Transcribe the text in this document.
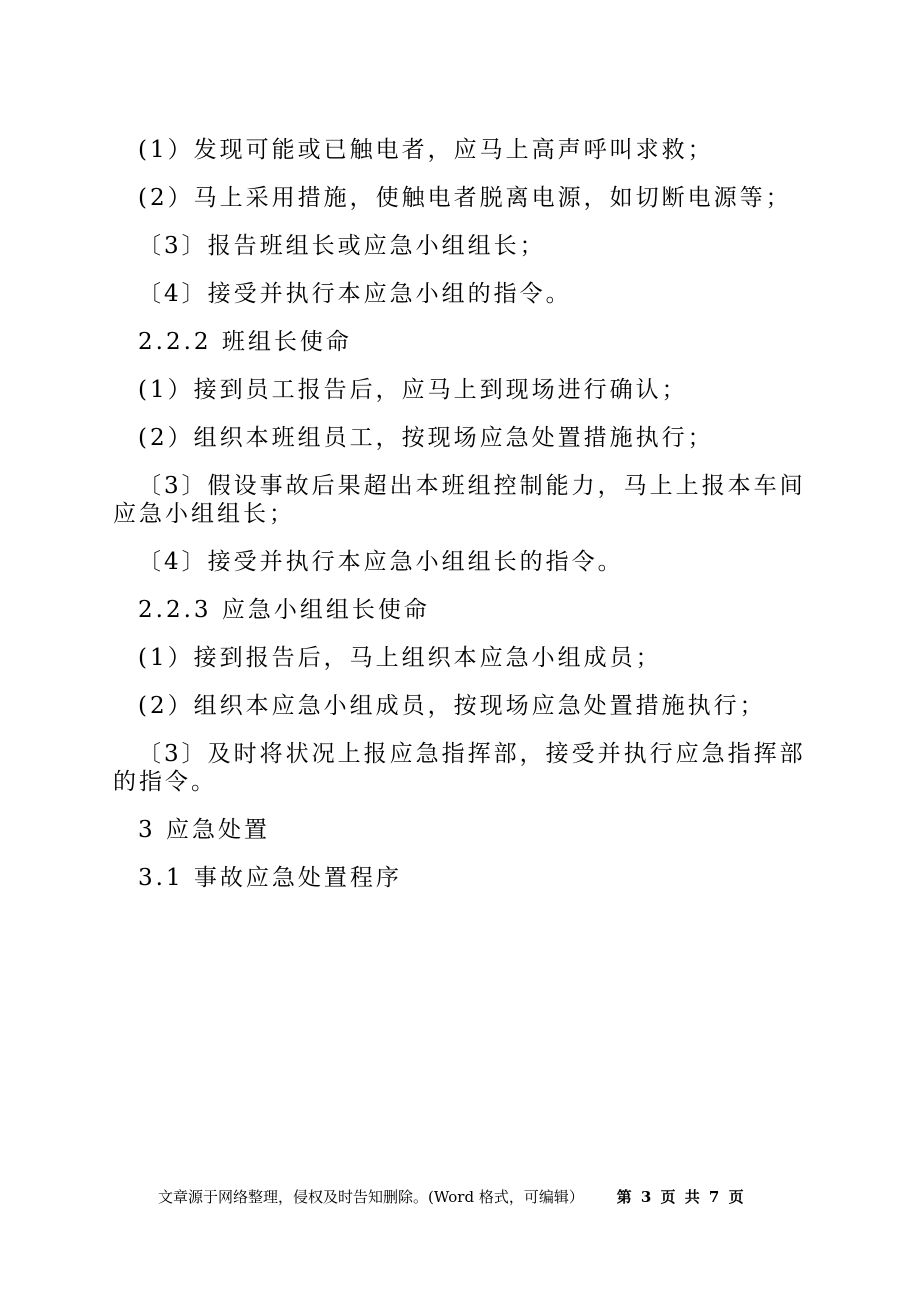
(1）发现可能或已触电者，应马上高声呼叫求救；
(2）马上采用措施，使触电者脱离电源，如切断电源等；
〔3〕报告班组长或应急小组组长；
〔4〕接受并执行本应急小组的指令。
2.2.2 班组长使命
(1）接到员工报告后，应马上到现场进行确认；
(2）组织本班组员工，按现场应急处置措施执行；
〔3〕假设事故后果超出本班组控制能力，马上上报本车间应急小组组长；
〔4〕接受并执行本应急小组组长的指令。
2.2.3 应急小组组长使命
(1）接到报告后，马上组织本应急小组成员；
(2）组织本应急小组成员，按现场应急处置措施执行；
〔3〕及时将状况上报应急指挥部，接受并执行应急指挥部的指令。
3 应急处置
3.1 事故应急处置程序
文章源于网络整理，侵权及时告知删除。(Word 格式，可编辑） 第 3 页 共 7 页
